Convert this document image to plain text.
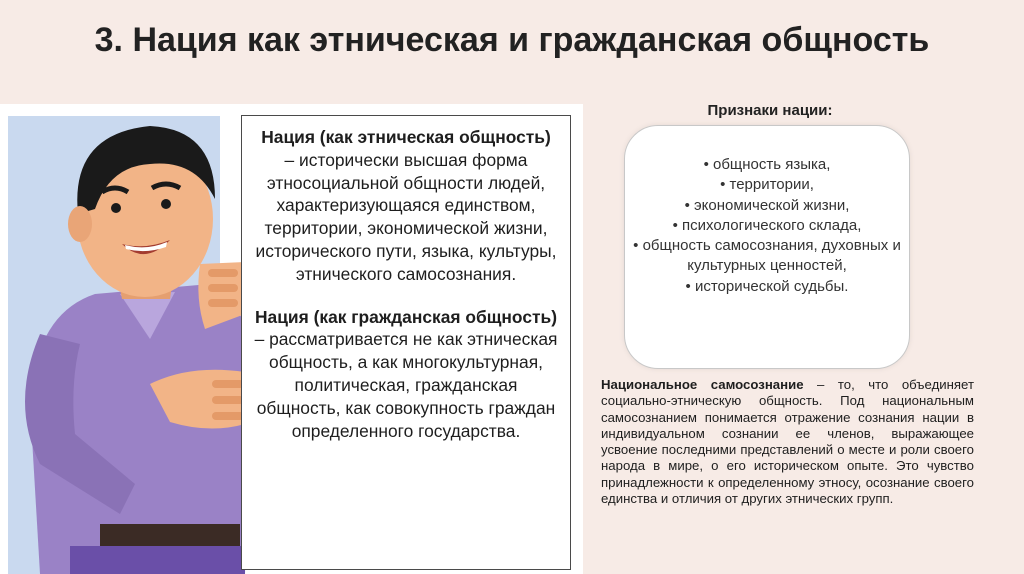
3. Нация как этническая и гражданская общность

Нация (как этническая общность) – исторически высшая форма этносоциальной общности людей, характеризующаяся единством, территории, экономической жизни, исторического пути, языка, культуры, этнического самосознания.

Нация (как гражданская общность) – рассматривается не как этническая общность, а как многокультурная, политическая, гражданская общность, как совокупность граждан определенного государства.

Признаки нации:
• общность языка,
• территории,
• экономической жизни,
• психологического склада,
• общность самосознания, духовных и культурных ценностей,
• исторической судьбы.

Национальное самосознание – то, что объединяет социально-этническую общность. Под национальным самосознанием понимается отражение сознания нации в индивидуальном сознании ее членов, выражающее усвоение последними представлений о месте и роли своего народа в мире, о его историческом опыте. Это чувство принадлежности к определенному этносу, осознание своего единства и отличия от других этнических групп.
